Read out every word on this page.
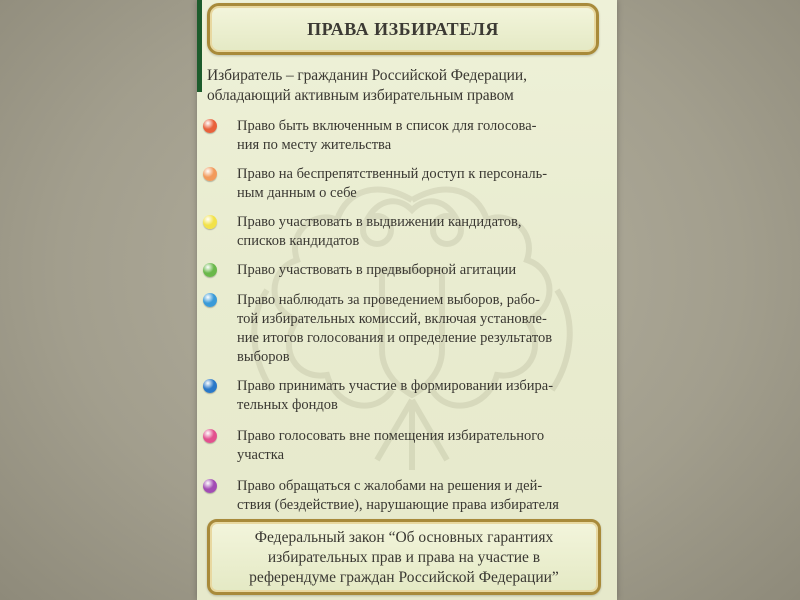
ПРАВА ИЗБИРАТЕЛЯ
Избиратель – гражданин Российской Федерации,
обладающий активным избирательным правом
Право быть включенным в список для голосова-
ния по месту жительства
Право на беспрепятственный доступ к персональ-
ным данным о себе
Право участвовать в выдвижении кандидатов,
списков кандидатов
Право участвовать в предвыборной агитации
Право наблюдать за проведением выборов, рабо-
той избирательных комиссий, включая установле-
ние итогов голосования и определение результатов
выборов
Право принимать участие в формировании избира-
тельных фондов
Право голосовать вне помещения избирательного
участка
Право обращаться с жалобами на решения и дей-
ствия (бездействие), нарушающие права избирателя
Федеральный закон “Об основных гарантиях
избирательных прав и права на участие в
референдуме граждан Российской Федерации”
